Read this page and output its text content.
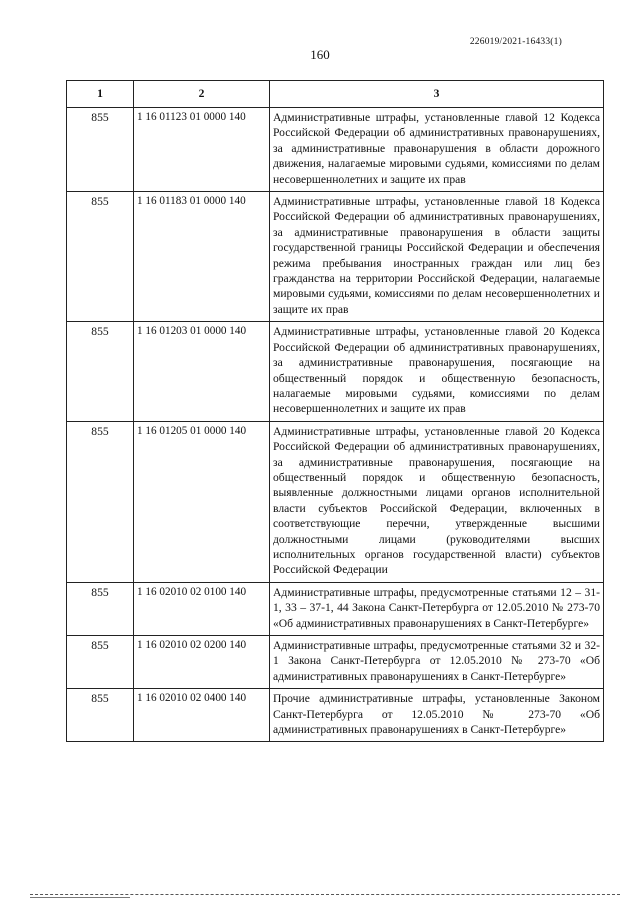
226019/2021-16433(1)
160
1	2	3
855	1 16 01123 01 0000 140	Административные штрафы, установленные главой 12 Кодекса Российской Федерации об административных правонарушениях, за административные правонарушения в области дорожного движения, налагаемые мировыми судьями, комиссиями по делам несовершеннолетних и защите их прав
855	1 16 01183 01 0000 140	Административные штрафы, установленные главой 18 Кодекса Российской Федерации об административных правонарушениях, за административные правонарушения в области защиты государственной границы Российской Федерации и обеспечения режима пребывания иностранных граждан или лиц без гражданства на территории Российской Федерации, налагаемые мировыми судьями, комиссиями по делам несовершеннолетних и защите их прав
855	1 16 01203 01 0000 140	Административные штрафы, установленные главой 20 Кодекса Российской Федерации об административных правонарушениях, за административные правонарушения, посягающие на общественный порядок и общественную безопасность, налагаемые мировыми судьями, комиссиями по делам несовершеннолетних и защите их прав
855	1 16 01205 01 0000 140	Административные штрафы, установленные главой 20 Кодекса Российской Федерации об административных правонарушениях, за административные правонарушения, посягающие на общественный порядок и общественную безопасность, выявленные должностными лицами органов исполнительной власти субъектов Российской Федерации, включенных в соответствующие перечни, утвержденные высшими должностными лицами (руководителями высших исполнительных органов государственной власти) субъектов Российской Федерации
855	1 16 02010 02 0100 140	Административные штрафы, предусмотренные статьями 12 – 31-1, 33 – 37-1, 44 Закона Санкт-Петербурга от 12.05.2010 № 273-70 «Об административных правонарушениях в Санкт-Петербурге»
855	1 16 02010 02 0200 140	Административные штрафы, предусмотренные статьями 32 и 32-1 Закона Санкт-Петербурга от 12.05.2010 № 273-70 «Об административных правонарушениях в Санкт-Петербурге»
855	1 16 02010 02 0400 140	Прочие административные штрафы, установленные Законом Санкт-Петербурга от 12.05.2010 № 273-70 «Об административных правонарушениях в Санкт-Петербурге»
